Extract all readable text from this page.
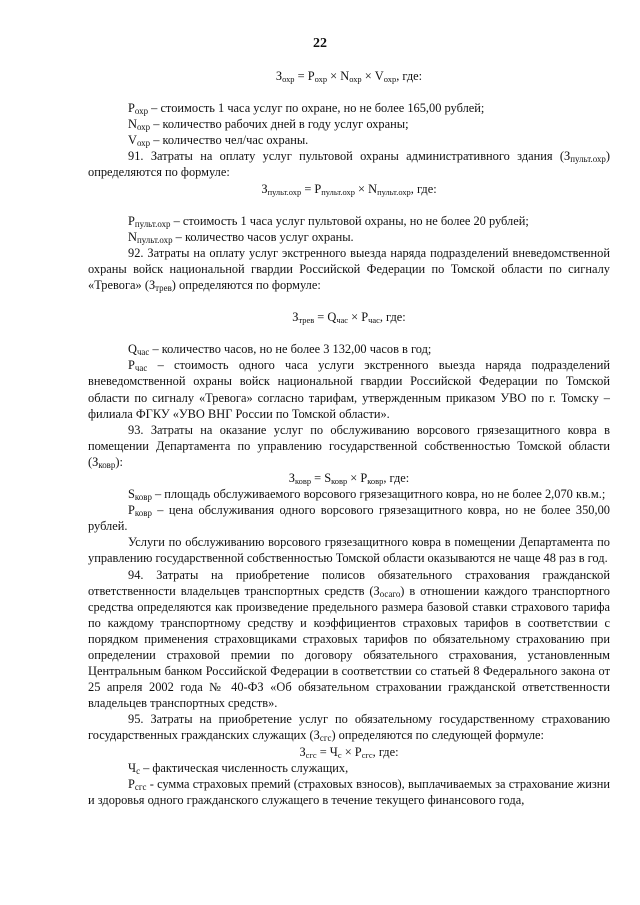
22

Зохр = Рохр × Nохр × Vохр, где:

$Р_{охр}$ – стоимость 1 часа услуг по охране, но не более 165,00 рублей;

$N_{охр}$ – количество рабочих дней в году услуг охраны;

$V_{охр}$ – количество чел/час охраны.

91. Затраты на оплату услуг пультовой охраны административного здания $(З_{пульт.охр})$ определяются по формуле:

Зпульт.охр = Рпульт.охр × Nпульт.охр, где:

$Р_{пульт.охр}$ – стоимость 1 часа услуг пультовой охраны, но не более 20 рублей;

$N_{пульт.охр}$ – количество часов услуг охраны.

92. Затраты на оплату услуг экстренного выезда наряда подразделений вневедомственной охраны войск национальной гвардии Российской Федерации по Томской области по сигналу «Тревога» $(З_{трев})$ определяются по формуле:

Зтрев = Qчас × Рчас, где:

$Q_{час}$ – количество часов, но не более 3 132,00 часов в год;

$Р_{час}$ – стоимость одного часа услуги экстренного выезда наряда подразделений вневедомственной охраны войск национальной гвардии Российской Федерации по Томской области по сигналу «Тревога» согласно тарифам, утвержденным приказом УВО по г. Томску – филиала ФГКУ «УВО ВНГ России по Томской области».

93. Затраты на оказание услуг по обслуживанию ворсового грязезащитного ковра в помещении Департамента по управлению государственной собственностью Томской области $(З_{ковр})$:

Зковр = Sковр × Рковр, где:

$S_{ковр}$ – площадь обслуживаемого ворсового грязезащитного ковра, но не более 2,070 кв.м.;

$Р_{ковр}$ – цена обслуживания одного ворсового грязезащитного ковра, но не более 350,00 рублей.

Услуги по обслуживанию ворсового грязезащитного ковра в помещении Департамента по управлению государственной собственностью Томской области оказываются не чаще 48 раз в год.

94. Затраты на приобретение полисов обязательного страхования гражданской ответственности владельцев транспортных средств $(З_{осаго})$ в отношении каждого транспортного средства определяются как произведение предельного размера базовой ставки страхового тарифа по каждому транспортному средству и коэффициентов страховых тарифов в соответствии с порядком применения страховщиками страховых тарифов по обязательному страхованию при определении страховой премии по договору обязательного страхования, установленным Центральным банком Российской Федерации в соответствии со статьей 8 Федерального закона от 25 апреля 2002 года № 40-ФЗ «Об обязательном страховании гражданской ответственности владельцев транспортных средств».

95. Затраты на приобретение услуг по обязательному государственному страхованию государственных гражданских служащих $(З_{сгс})$ определяются по следующей формуле:

Зсгс = Чс × Рсгс, где:

$Ч_с$ – фактическая численность служащих,

$Р_{сгс}$ - сумма страховых премий (страховых взносов), выплачиваемых за страхование жизни и здоровья одного гражданского служащего в течение текущего финансового года,
